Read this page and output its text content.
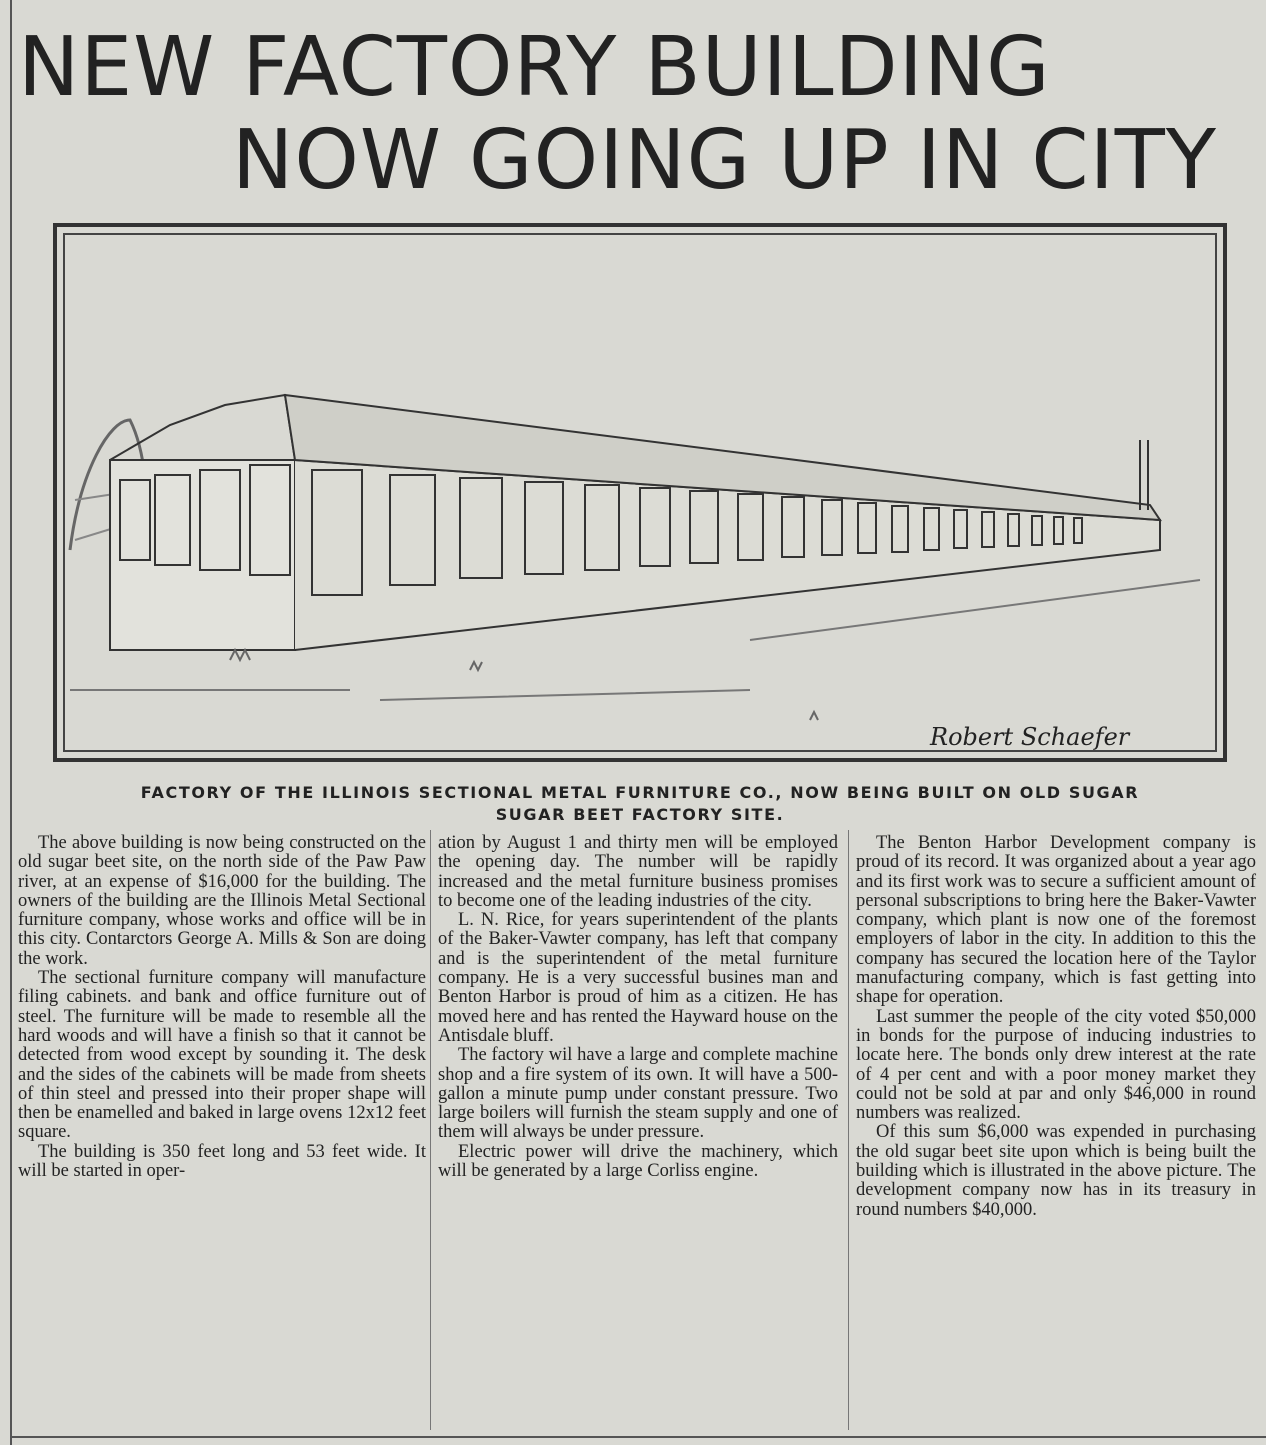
NEW FACTORY BUILDING
NOW GOING UP IN CITY
Robert Schaefer
FACTORY OF THE ILLINOIS SECTIONAL METAL FURNITURE CO., NOW BEING BUILT ON OLD SUGAR
SUGAR BEET FACTORY SITE.

The above building is now being constructed on the old sugar beet site, on the north side of the Paw Paw river, at an expense of $16,000 for the building. The owners of the building are the Illinois Metal Sectional furniture company, whose works and office will be in this city. Contarctors George A. Mills & Son are doing the work.

The sectional furniture company will manufacture filing cabinets. and bank and office furniture out of steel. The furniture will be made to resemble all the hard woods and will have a finish so that it cannot be detected from wood except by sounding it. The desk and the sides of the cabinets will be made from sheets of thin steel and pressed into their proper shape will then be enamelled and baked in large ovens 12x12 feet square.

The building is 350 feet long and 53 feet wide. It will be started in oper-

ation by August 1 and thirty men will be employed the opening day. The number will be rapidly increased and the metal furniture business promises to become one of the leading industries of the city.

L. N. Rice, for years superintendent of the plants of the Baker-Vawter company, has left that company and is the superintendent of the metal furniture company. He is a very successful busines man and Benton Harbor is proud of him as a citizen. He has moved here and has rented the Hayward house on the Antisdale bluff.

The factory wil have a large and complete machine shop and a fire system of its own. It will have a 500-gallon a minute pump under constant pressure. Two large boilers will furnish the steam supply and one of them will always be under pressure.

Electric power will drive the machinery, which will be generated by a large Corliss engine.

The Benton Harbor Development company is proud of its record. It was organized about a year ago and its first work was to secure a sufficient amount of personal subscriptions to bring here the Baker-Vawter company, which plant is now one of the foremost employers of labor in the city. In addition to this the company has secured the location here of the Taylor manufacturing company, which is fast getting into shape for operation.

Last summer the people of the city voted $50,000 in bonds for the purpose of inducing industries to locate here. The bonds only drew interest at the rate of 4 per cent and with a poor money market they could not be sold at par and only $46,000 in round numbers was realized.

Of this sum $6,000 was expended in purchasing the old sugar beet site upon which is being built the building which is illustrated in the above picture. The development company now has in its treasury in round numbers $40,000.
